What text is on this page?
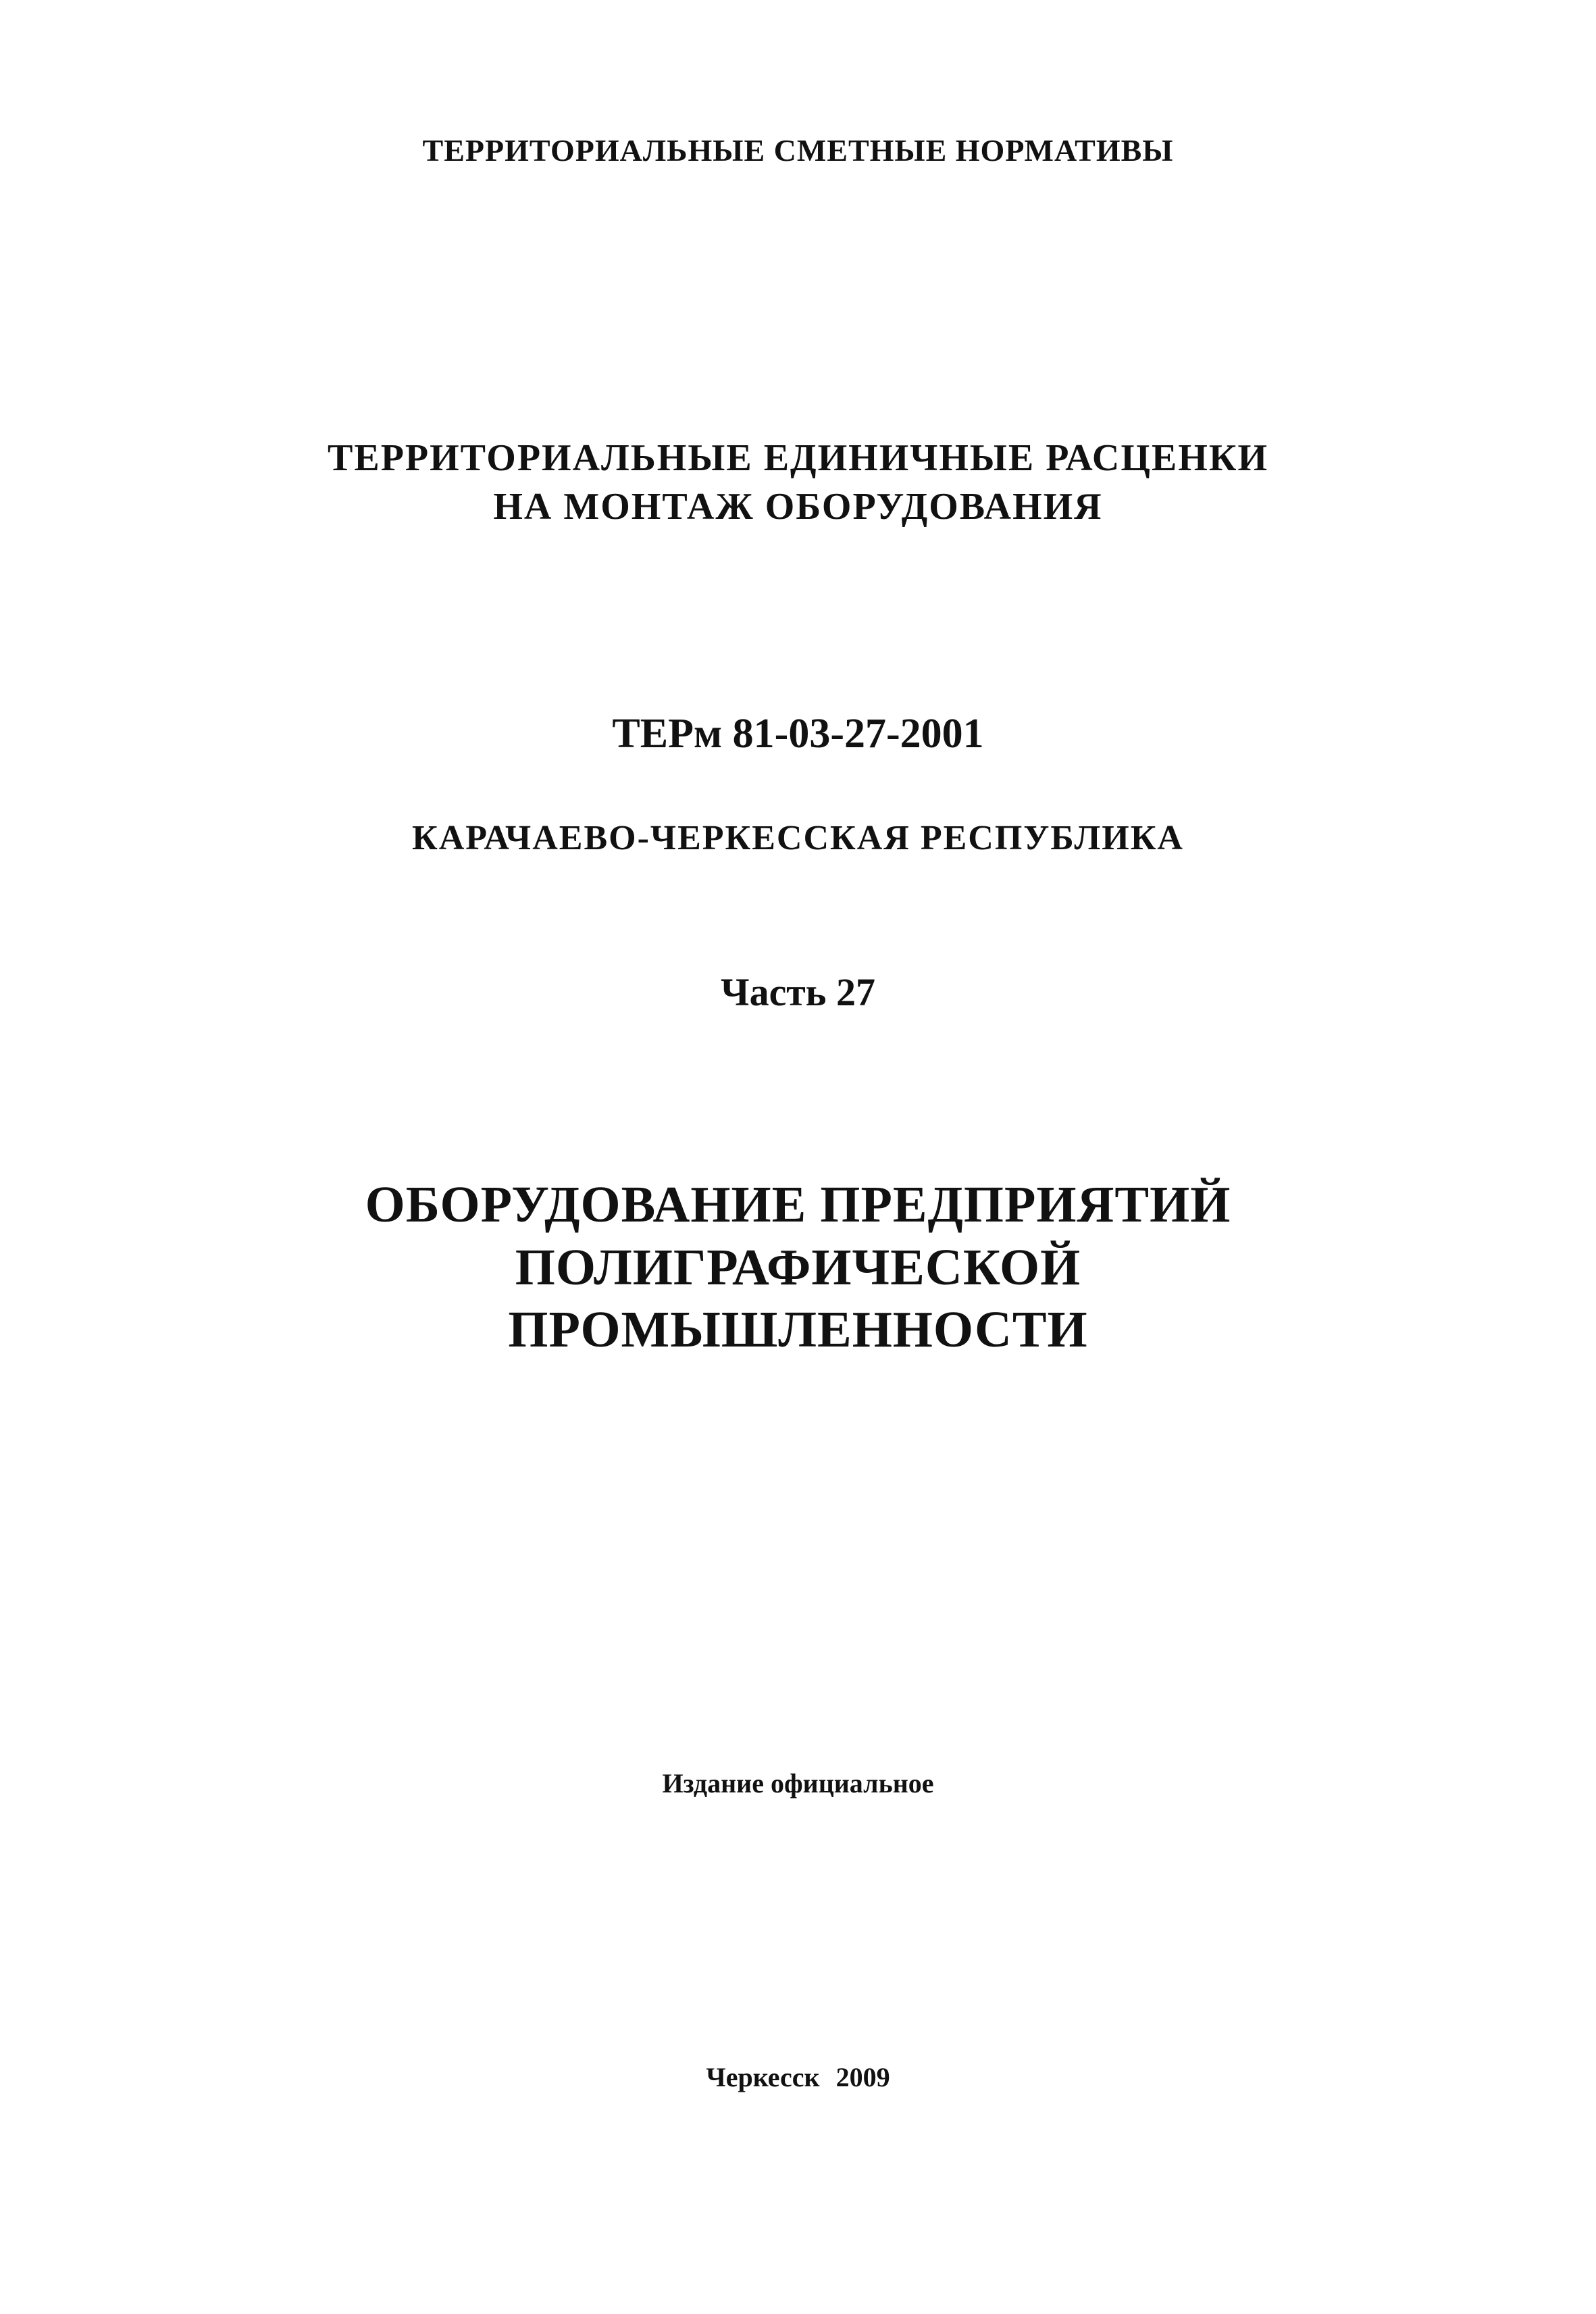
ТЕРРИТОРИАЛЬНЫЕ СМЕТНЫЕ НОРМАТИВЫ

ТЕРРИТОРИАЛЬНЫЕ ЕДИНИЧНЫЕ РАСЦЕНКИ

НА МОНТАЖ ОБОРУДОВАНИЯ

ТЕРм 81-03-27-2001

КАРАЧАЕВО-ЧЕРКЕССКАЯ РЕСПУБЛИКА

Часть 27

ОБОРУДОВАНИЕ ПРЕДПРИЯТИЙ

ПОЛИГРАФИЧЕСКОЙ

ПРОМЫШЛЕННОСТИ

Издание официальное

Черкесск 2009
